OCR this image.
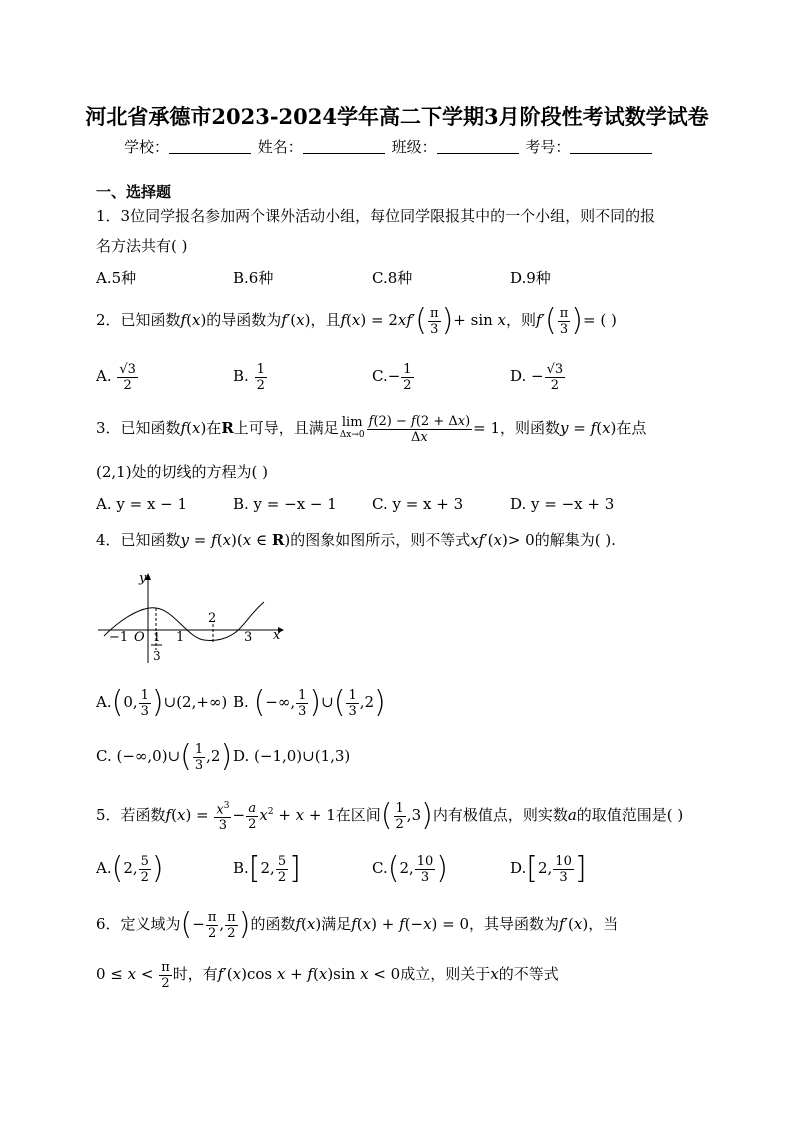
河北省承德市2023-2024学年高二下学期3月阶段性考试数学试卷
学校：	姓名：	班级：	考号：
一、选择题
1．3位同学报名参加两个课外活动小组，每位同学限报其中的一个小组，则不同的报
名方法共有( )
A.5种	B.6种	C.8种	D.9种
2．已知函数f(x)的导函数为f′(x)，且$f(x) = 2xf'( \frac{\pi}{3}$ )+ sin x，则$f'( \frac{\pi}{3}$ )= ( )
A. $\frac{√3}{2}$	B. $\frac{1}{2}$	$C.- \frac{1}{2}$	D. − $\frac{√3}{2}$
3．已知函数f(x)在R上可导，且满足 lim
$\Delta x\to 0 \frac{f(2) - f(2 + \Delta x)}{\Delta x} = 1$，则函数y = f(x)在点
(2,1)处的切线的方程为( )
A. y = x − 1	B. y = −x − 1 C. y = x + 3	D. y = −x + 3
4．已知函数y = f(x)(x ∈ R)的图象如图所示，则不等式xf′(x)> 0的解集为( ).
y
x
−1 O 1
2
3
1
3
A.(0, $\frac{1}{3}$ )∪(2,+∞) B. (−∞, $\frac{1}{3}$ )∪( $\frac{1}{3} ,2$)
C. (−∞,0)∪( $\frac{1}{3} ,2$) D. (−1,0)∪(1,3)
5．若函数$f(x) = \frac{x^3}{3} - \frac{a}{2} x^2 + x + 1$在区间( $\frac{1}{2} ,3$)内有极值点，则实数a的取值范围是( )
A.(2, $\frac{5}{2}$ )	B.[2, $\frac{5}{2}$ ]	C.(2, $\frac{10}{3}$ )	D.[2, $\frac{10}{3}$ ]
6．定义域为(− $\frac{\pi}{2}$ , $\frac{\pi}{2}$ )的函数f(x)满足f(x) + f(−x) = 0，其导函数为f′(x)，当
$0 \le x < \frac{\pi}{2}$ 时，有f′(x)cos x + f(x)sin x < 0成立，则关于x的不等式
